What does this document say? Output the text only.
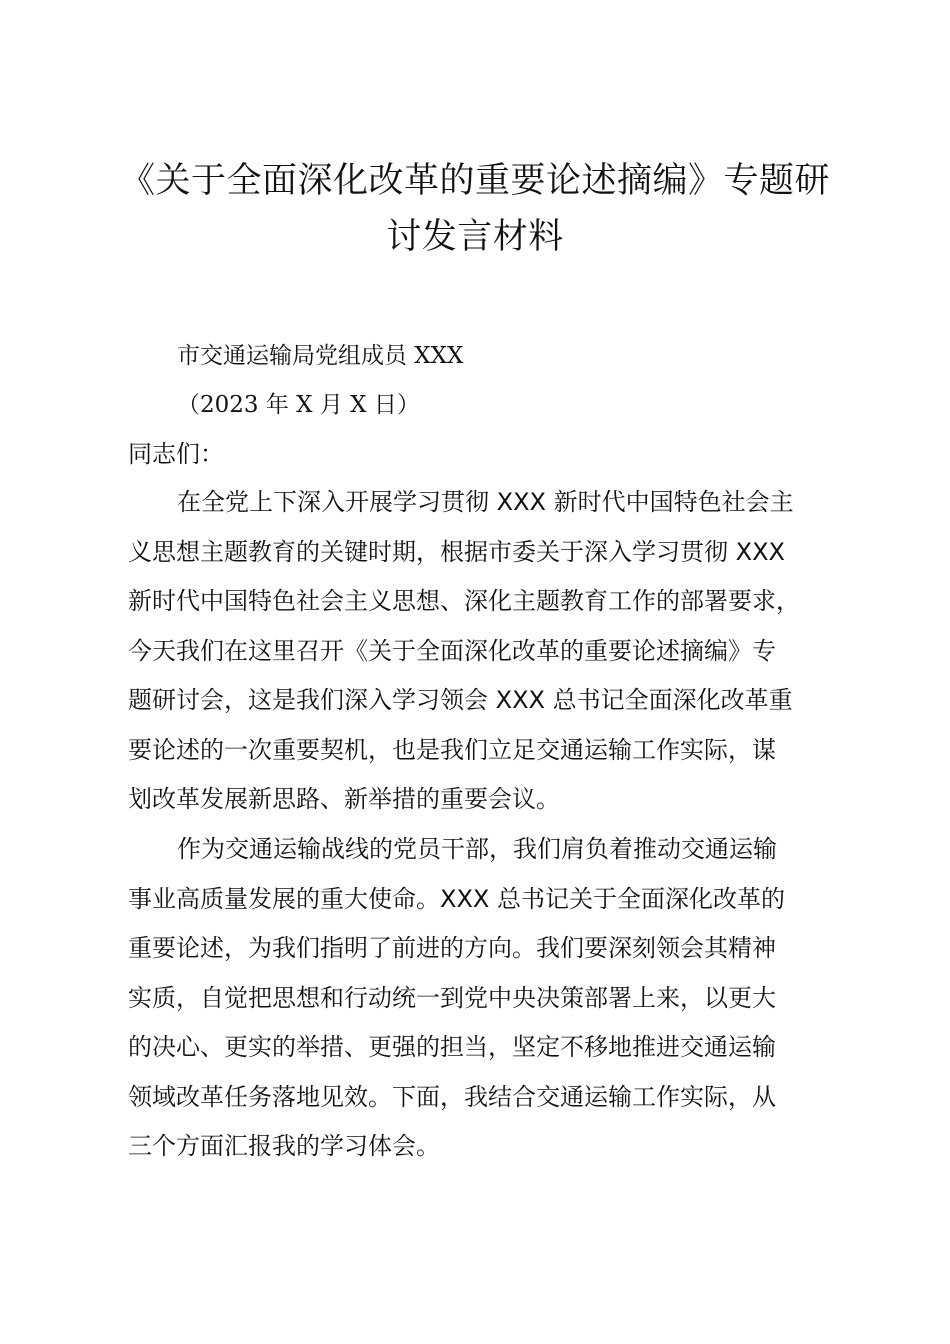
《关于全面深化改革的重要论述摘编》专题研
讨发言材料
市交通运输局党组成员 XXX
（2023 年 X 月 X 日）
同志们：
在全党上下深入开展学习贯彻 XXX 新时代中国特色社会主
义思想主题教育的关键时期，根据市委关于深入学习贯彻 XXX
新时代中国特色社会主义思想、深化主题教育工作的部署要求，
今天我们在这里召开《关于全面深化改革的重要论述摘编》专
题研讨会，这是我们深入学习领会 XXX 总书记全面深化改革重
要论述的一次重要契机，也是我们立足交通运输工作实际，谋
划改革发展新思路、新举措的重要会议。
作为交通运输战线的党员干部，我们肩负着推动交通运输
事业高质量发展的重大使命。XXX 总书记关于全面深化改革的
重要论述，为我们指明了前进的方向。我们要深刻领会其精神
实质，自觉把思想和行动统一到党中央决策部署上来，以更大
的决心、更实的举措、更强的担当，坚定不移地推进交通运输
领域改革任务落地见效。下面，我结合交通运输工作实际，从
三个方面汇报我的学习体会。
